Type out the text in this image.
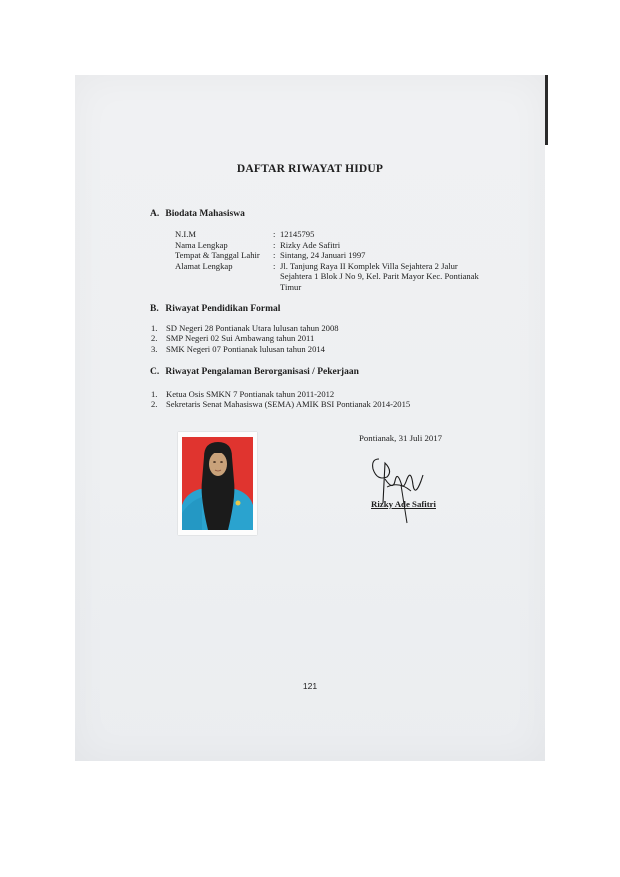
DAFTAR RIWAYAT HIDUP
A. Biodata Mahasiswa
N.I.M	: 12145795
Nama Lengkap	: Rizky Ade Safitri
Tempat & Tanggal Lahir	: Sintang, 24 Januari 1997
Alamat Lengkap	: Jl. Tanjung Raya II Komplek Villa Sejahtera 2 Jalur Sejahtera 1 Blok J No 9, Kel. Parit Mayor Kec. Pontianak Timur
B. Riwayat Pendidikan Formal
1. SD Negeri 28 Pontianak Utara lulusan tahun 2008
2. SMP Negeri 02 Sui Ambawang tahun 2011
3. SMK Negeri 07 Pontianak lulusan tahun 2014
C. Riwayat Pengalaman Berorganisasi / Pekerjaan
1. Ketua Osis SMKN 7 Pontianak tahun 2011-2012
2. Sekretaris Senat Mahasiswa (SEMA) AMIK BSI Pontianak 2014-2015
Pontianak, 31 Juli 2017
Rizky Ade Safitri
121
